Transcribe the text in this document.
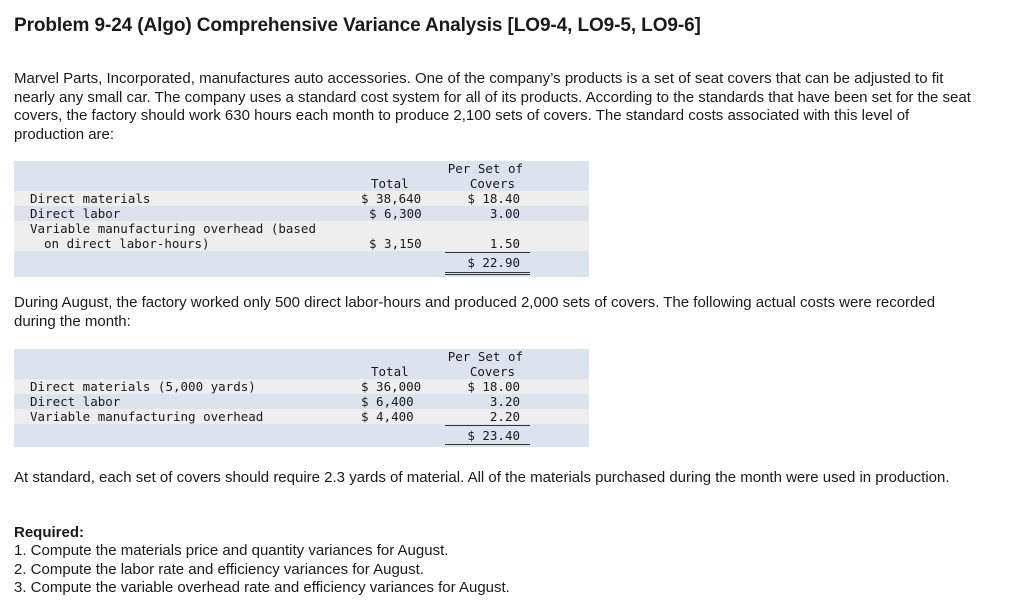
Problem 9-24 (Algo) Comprehensive Variance Analysis [LO9-4, LO9-5, LO9-6]
Marvel Parts, Incorporated, manufactures auto accessories. One of the company’s products is a set of seat covers that can be adjusted to fit nearly any small car. The company uses a standard cost system for all of its products. According to the standards that have been set for the seat covers, the factory should work 630 hours each month to produce 2,100 sets of covers. The standard costs associated with this level of production are:
Per Set of
Total	Covers
Direct materials	$ 38,640	$ 18.40
Direct labor	$ 6,300	3.00
Variable manufacturing overhead (based
on direct labor-hours)	$ 3,150	1.50
$ 22.90
During August, the factory worked only 500 direct labor-hours and produced 2,000 sets of covers. The following actual costs were recorded during the month:
Per Set of
Total	Covers
Direct materials (5,000 yards)	$ 36,000	$ 18.00
Direct labor	$ 6,400	3.20
Variable manufacturing overhead	$ 4,400	2.20
$ 23.40
At standard, each set of covers should require 2.3 yards of material. All of the materials purchased during the month were used in production.
Required:
1. Compute the materials price and quantity variances for August.
2. Compute the labor rate and efficiency variances for August.
3. Compute the variable overhead rate and efficiency variances for August.
